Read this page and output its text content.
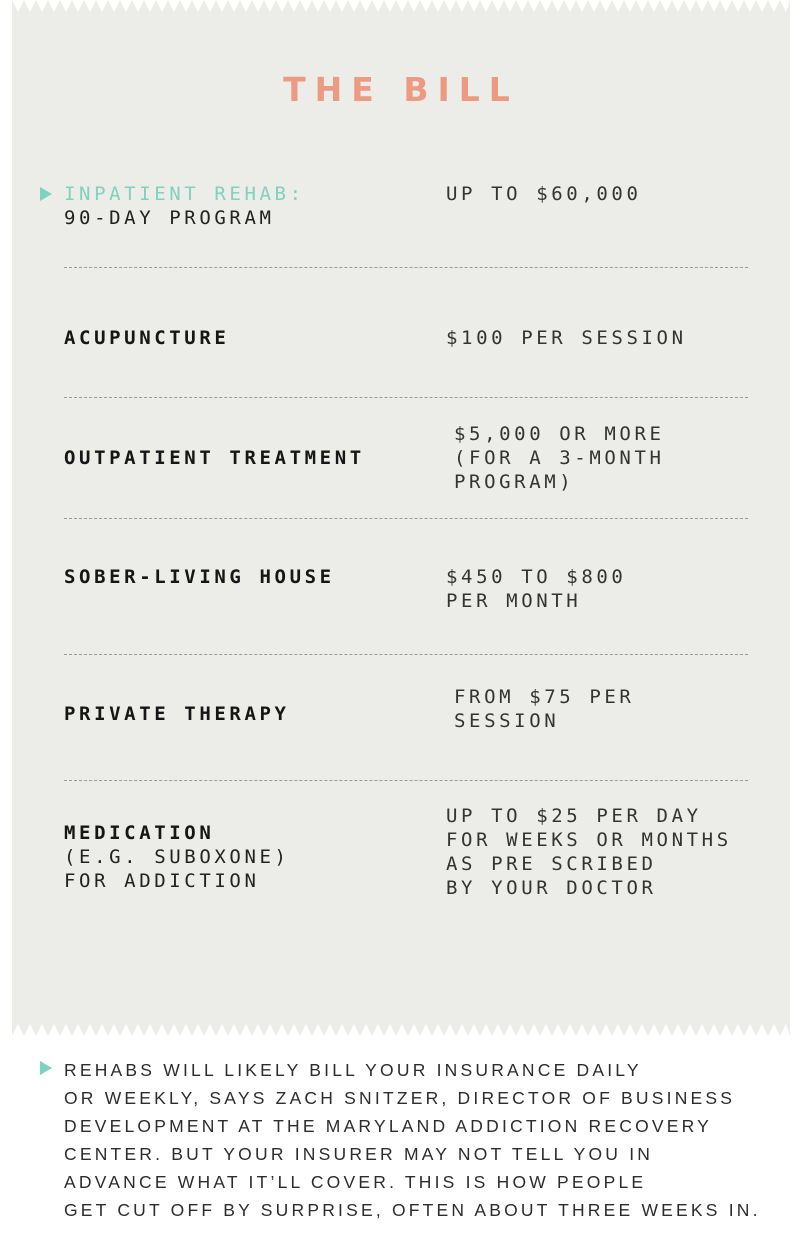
THE BILL
INPATIENT REHAB:
90-DAY PROGRAM
UP TO $60,000
ACUPUNCTURE	$100 PER SESSION
OUTPATIENT TREATMENT
$5,000 OR MORE
(FOR A 3-MONTH
PROGRAM)
SOBER-LIVING HOUSE	$450 TO $800
PER MONTH
PRIVATE THERAPY
FROM $75 PER
SESSION
MEDICATION
(E.G. SUBOXONE)
FOR ADDICTION
UP TO $25 PER DAY
FOR WEEKS OR MONTHS
AS PRE SCRIBED
BY YOUR DOCTOR
REHABS WILL LIKELY BILL YOUR INSURANCE DAILY
OR WEEKLY, SAYS ZACH SNITZER, DIRECTOR OF BUSINESS
DEVELOPMENT AT THE MARYLAND ADDICTION RECOVERY
CENTER. BUT YOUR INSURER MAY NOT TELL YOU IN
ADVANCE WHAT IT’LL COVER. THIS IS HOW PEOPLE
GET CUT OFF BY SURPRISE, OFTEN ABOUT THREE WEEKS IN.
